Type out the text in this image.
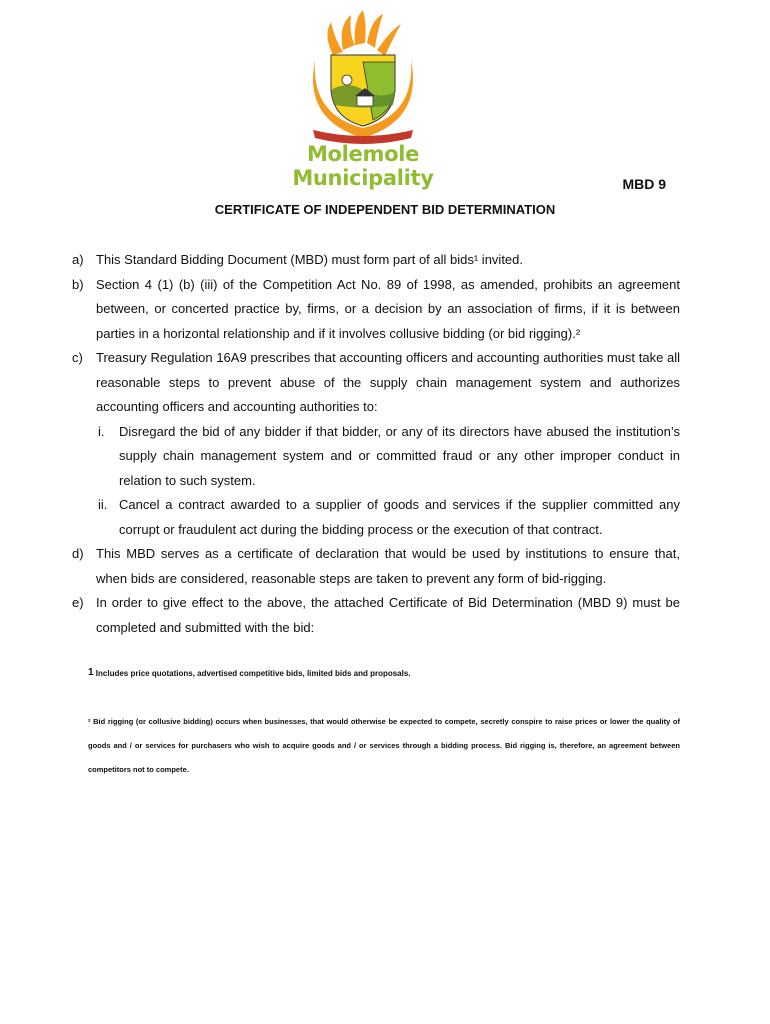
Molemole Municipality	MBD 9
CERTIFICATE OF INDEPENDENT BID DETERMINATION
a) This Standard Bidding Document (MBD) must form part of all bids¹ invited.
b) Section 4 (1) (b) (iii) of the Competition Act No. 89 of 1998, as amended, prohibits an agreement between, or concerted practice by, firms, or a decision by an association of firms, if it is between parties in a horizontal relationship and if it involves collusive bidding (or bid rigging).²
c) Treasury Regulation 16A9 prescribes that accounting officers and accounting authorities must take all reasonable steps to prevent abuse of the supply chain management system and authorizes accounting officers and accounting authorities to:
i. Disregard the bid of any bidder if that bidder, or any of its directors have abused the institution’s supply chain management system and or committed fraud or any other improper conduct in relation to such system.
ii. Cancel a contract awarded to a supplier of goods and services if the supplier committed any corrupt or fraudulent act during the bidding process or the execution of that contract.
d) This MBD serves as a certificate of declaration that would be used by institutions to ensure that, when bids are considered, reasonable steps are taken to prevent any form of bid-rigging.
e) In order to give effect to the above, the attached Certificate of Bid Determination (MBD 9) must be completed and submitted with the bid:
$^1$ Includes price quotations, advertised competitive bids, limited bids and proposals.
² Bid rigging (or collusive bidding) occurs when businesses, that would otherwise be expected to compete, secretly conspire to raise prices or lower the quality of goods and / or services for purchasers who wish to acquire goods and / or services through a bidding process. Bid rigging is, therefore, an agreement between competitors not to compete.
